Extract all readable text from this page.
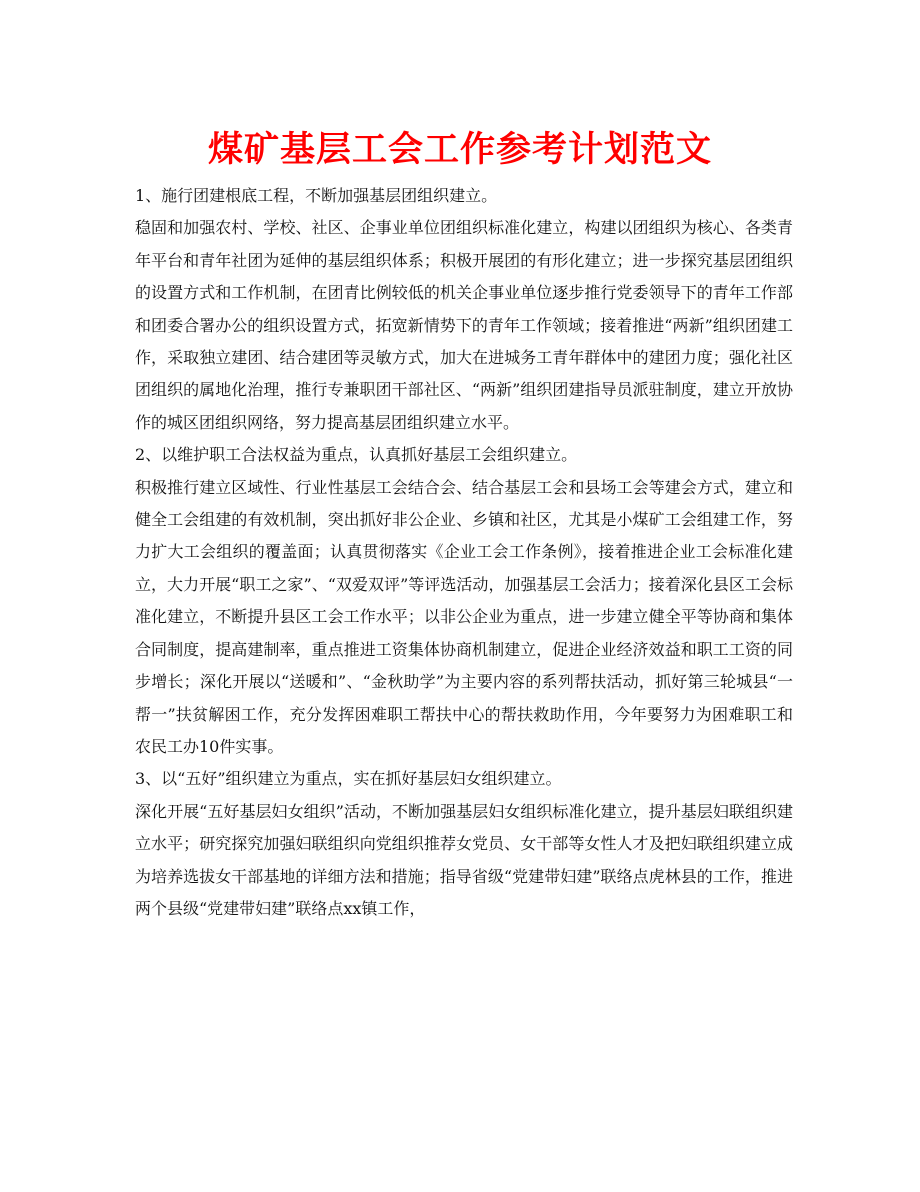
煤矿基层工会工作参考计划范文

1、施行团建根底工程，不断加强基层团组织建立。

稳固和加强农村、学校、社区、企事业单位团组织标准化建立，构建以团组织为核心、各类青年平台和青年社团为延伸的基层组织体系；积极开展团的有形化建立；进一步探究基层团组织的设置方式和工作机制，在团青比例较低的机关企事业单位逐步推行党委领导下的青年工作部和团委合署办公的组织设置方式，拓宽新情势下的青年工作领域；接着推进“两新”组织团建工作，采取独立建团、结合建团等灵敏方式，加大在进城务工青年群体中的建团力度；强化社区团组织的属地化治理，推行专兼职团干部社区、“两新”组织团建指导员派驻制度，建立开放协作的城区团组织网络，努力提高基层团组织建立水平。

2、以维护职工合法权益为重点，认真抓好基层工会组织建立。

积极推行建立区域性、行业性基层工会结合会、结合基层工会和县场工会等建会方式，建立和健全工会组建的有效机制，突出抓好非公企业、乡镇和社区，尤其是小煤矿工会组建工作，努力扩大工会组织的覆盖面；认真贯彻落实《企业工会工作条例》，接着推进企业工会标准化建立，大力开展“职工之家”、“双爱双评”等评选活动，加强基层工会活力；接着深化县区工会标准化建立，不断提升县区工会工作水平；以非公企业为重点，进一步建立健全平等协商和集体合同制度，提高建制率，重点推进工资集体协商机制建立，促进企业经济效益和职工工资的同步增长；深化开展以“送暖和”、“金秋助学”为主要内容的系列帮扶活动，抓好第三轮城县“一帮一”扶贫解困工作，充分发挥困难职工帮扶中心的帮扶救助作用，今年要努力为困难职工和农民工办10件实事。

3、以“五好”组织建立为重点，实在抓好基层妇女组织建立。

深化开展“五好基层妇女组织”活动，不断加强基层妇女组织标准化建立，提升基层妇联组织建立水平；研究探究加强妇联组织向党组织推荐女党员、女干部等女性人才及把妇联组织建立成为培养选拔女干部基地的详细方法和措施；指导省级“党建带妇建”联络点虎林县的工作，推进两个县级“党建带妇建”联络点xx镇工作，
